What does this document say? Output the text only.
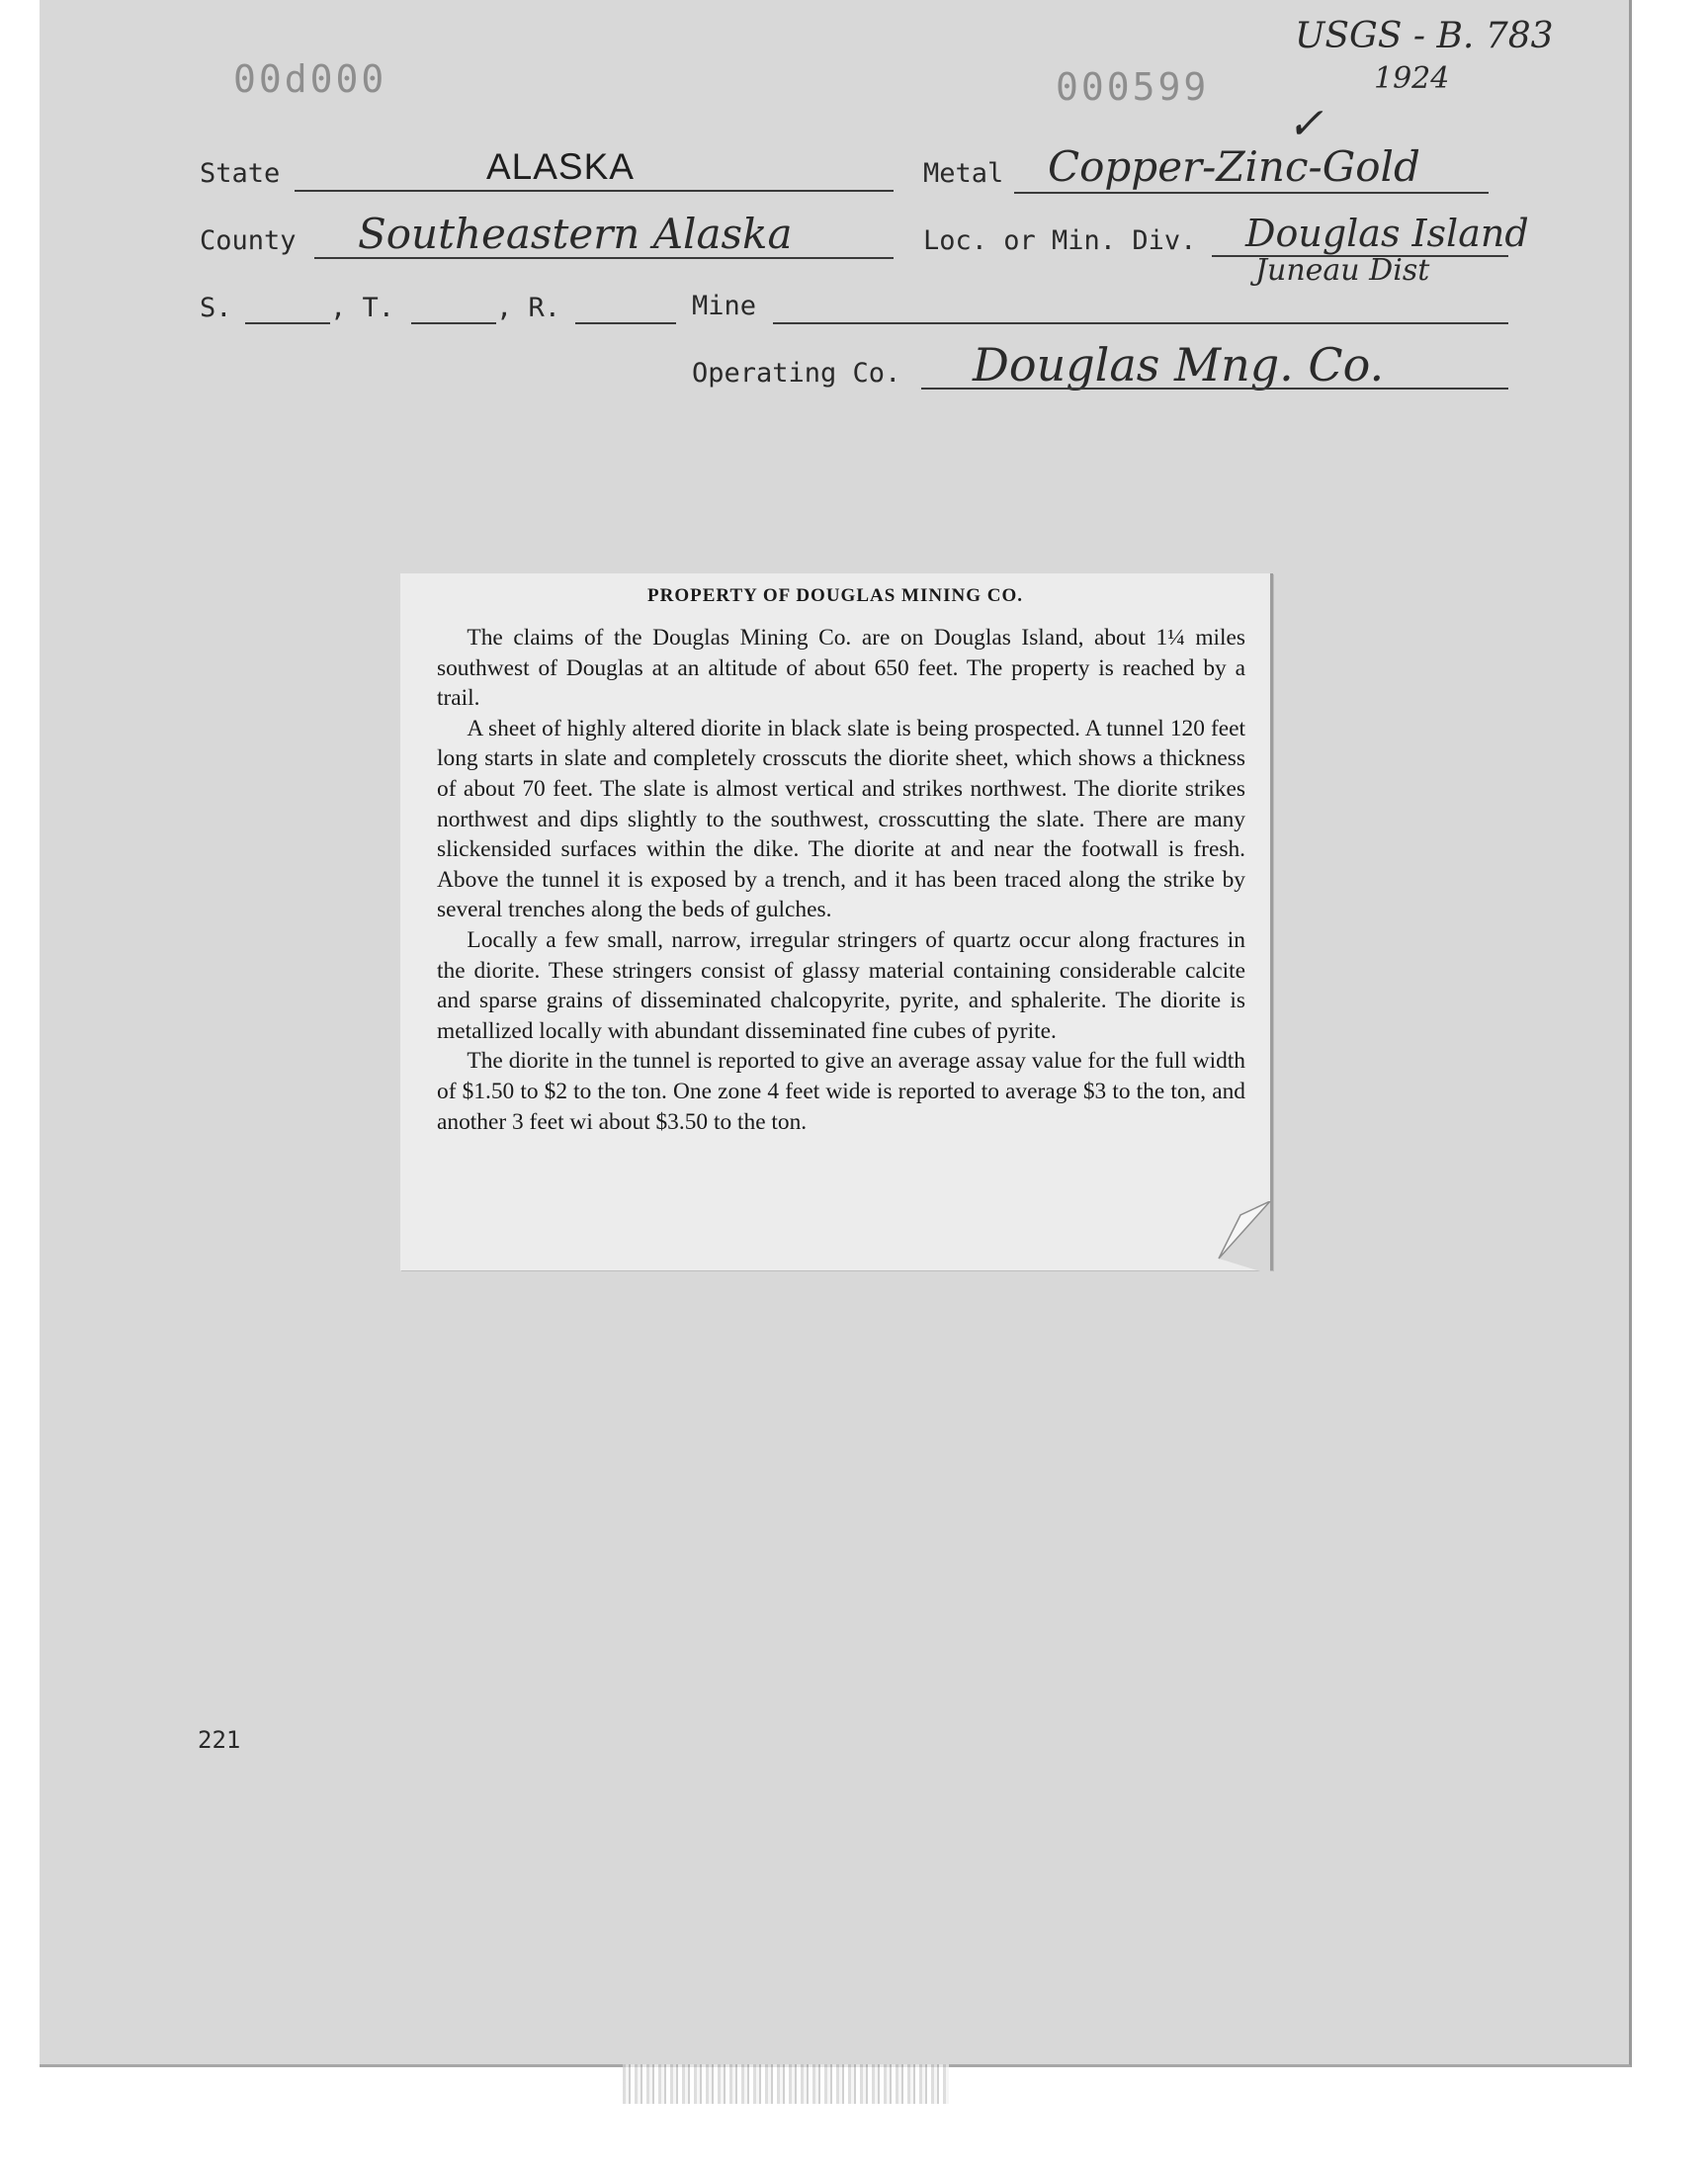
00d000	000599
USGS - B. 783
1924
✓
State	ALASKA	Metal Copper-Zinc-Gold
County Southeastern Alaska	Loc. or Min. Div. Douglas Island
Juneau Dist
S.	, T.	, R.	Mine
Operating Co. Douglas Mng. Co.
PROPERTY OF DOUGLAS MINING CO.

The claims of the Douglas Mining Co. are on Douglas Island, about 1¼ miles southwest of Douglas at an altitude of about 650 feet. The property is reached by a trail.

A sheet of highly altered diorite in black slate is being prospected. A tunnel 120 feet long starts in slate and completely crosscuts the diorite sheet, which shows a thickness of about 70 feet. The slate is almost vertical and strikes northwest. The diorite strikes northwest and dips slightly to the southwest, crosscutting the slate. There are many slickensided surfaces within the dike. The diorite at and near the footwall is fresh. Above the tunnel it is exposed by a trench, and it has been traced along the strike by several trenches along the beds of gulches.

Locally a few small, narrow, irregular stringers of quartz occur along fractures in the diorite. These stringers consist of glassy material containing considerable calcite and sparse grains of disseminated chalcopyrite, pyrite, and sphalerite. The diorite is metallized locally with abundant disseminated fine cubes of pyrite.

The diorite in the tunnel is reported to give an average assay value for the full width of $1.50 to $2 to the ton. One zone 4 feet wide is reported to average $3 to the ton, and another 3 feet wi about $3.50 to the ton.

221
